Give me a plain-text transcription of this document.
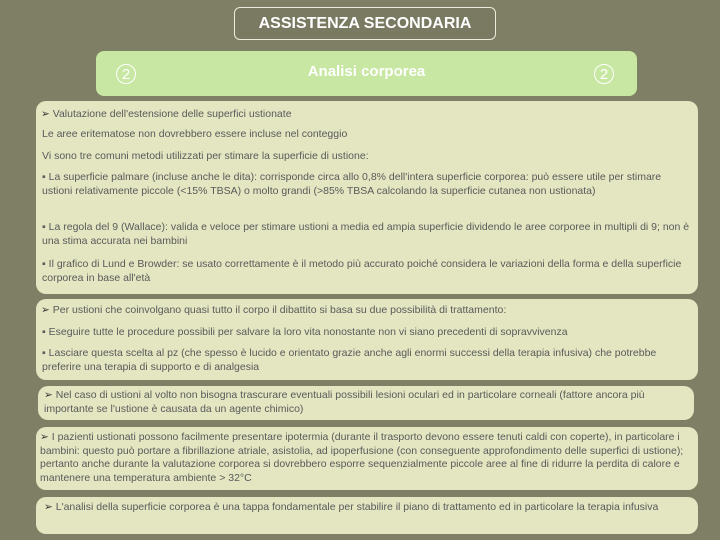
ASSISTENZA SECONDARIA
2	Analisi corporea	2
➢ Valutazione dell'estensione delle superfici ustionate

Le aree eritematose non dovrebbero essere incluse nel conteggio

Vi sono tre comuni metodi utilizzati per stimare la superficie di ustione:

▪ La superficie palmare (incluse anche le dita): corrisponde circa allo 0,8% dell'intera superficie corporea: può essere utile per stimare ustioni relativamente piccole (<15% TBSA) o molto grandi (>85% TBSA calcolando la superficie cutanea non ustionata)
▪ La regola del 9 (Wallace): valida e veloce per stimare ustioni a media ed ampia superficie dividendo le aree corporee in multipli di 9; non è una stima accurata nei bambini
▪ Il grafico di Lund e Browder: se usato correttamente è il metodo più accurato poiché considera le variazioni della forma e della superficie corporea in base all'età
➢ Per ustioni che coinvolgano quasi tutto il corpo il dibattito si basa su due possibilità di trattamento:
▪ Eseguire tutte le procedure possibili per salvare la loro vita nonostante non vi siano precedenti di sopravvivenza
▪ Lasciare questa scelta al pz (che spesso è lucido e orientato grazie anche agli enormi successi della terapia infusiva) che potrebbe preferire una terapia di supporto e di analgesia
➢ Nel caso di ustioni al volto non bisogna trascurare eventuali possibili lesioni oculari ed in particolare corneali (fattore ancora più importante se l'ustione è causata da un agente chimico)
➢ I pazienti ustionati possono facilmente presentare ipotermia (durante il trasporto devono essere tenuti caldi con coperte), in particolare i bambini: questo può portare a fibrillazione atriale, asistolia, ad ipoperfusione (con conseguente approfondimento delle superfici di ustione); pertanto anche durante la valutazione corporea si dovrebbero esporre sequenzialmente piccole aree al fine di ridurre la perdita di calore e mantenere una temperatura ambiente > 32°C
➢ L'analisi della superficie corporea è una tappa fondamentale per stabilire il piano di trattamento ed in particolare la terapia infusiva
